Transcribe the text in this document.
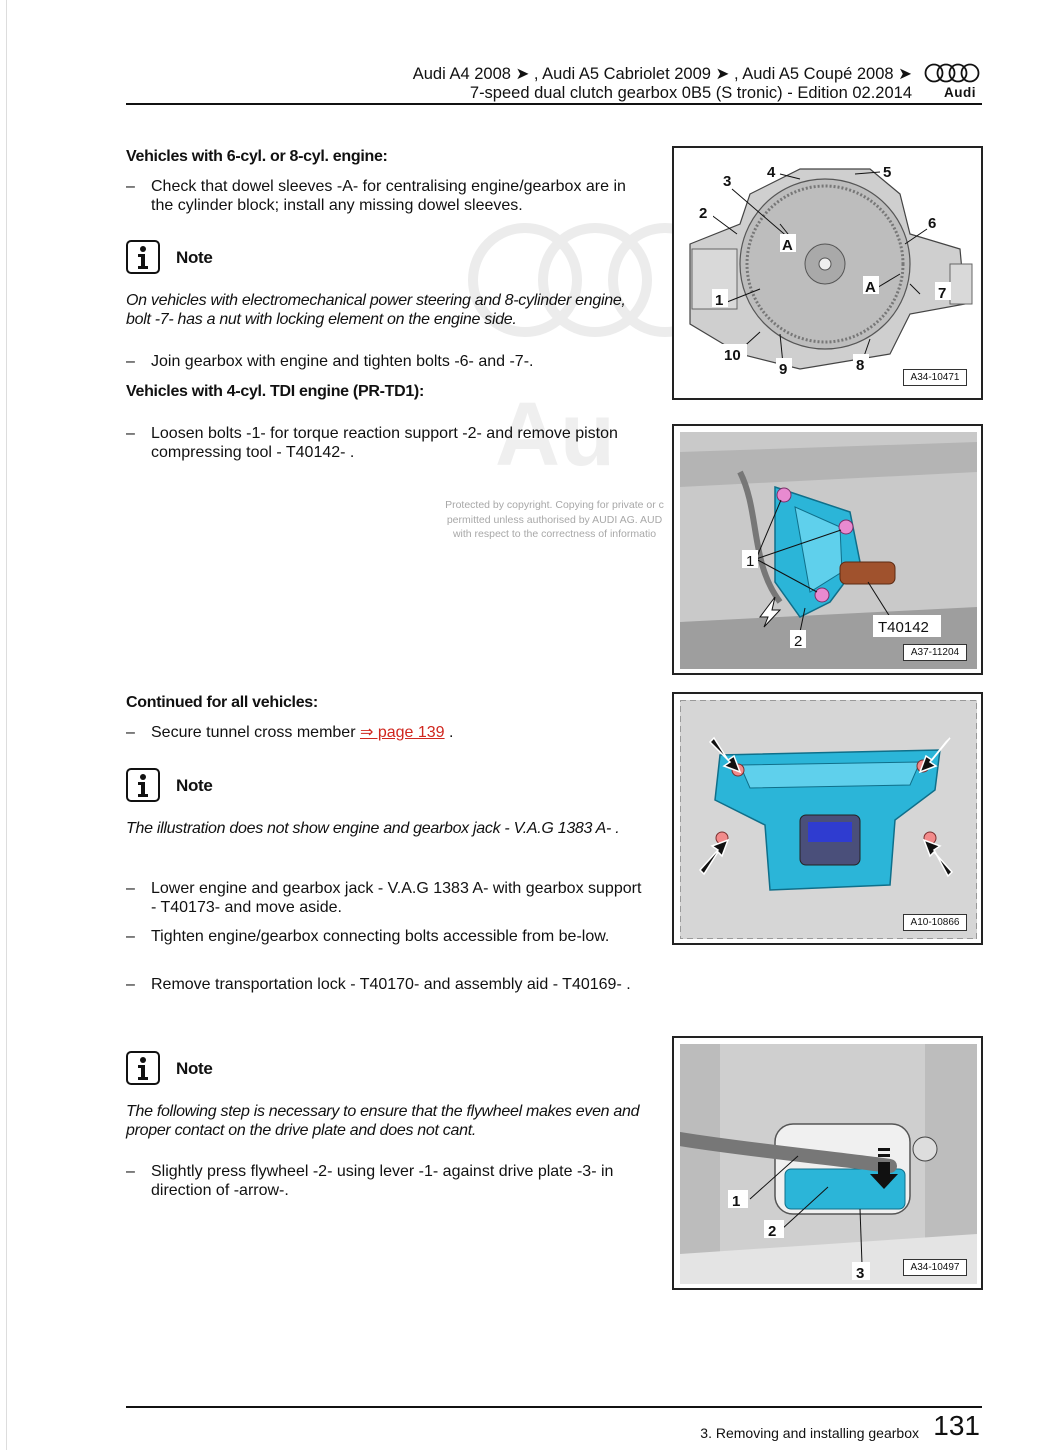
Audi A4 2008 ➤ , Audi A5 Cabriolet 2009 ➤ , Audi A5 Coupé 2008 ➤
7-speed dual clutch gearbox 0B5 (S tronic) - Edition 02.2014 Audi
Au
Protected by copyright. Copying for private or c
permitted unless authorised by AUDI AG. AUD
with respect to the correctness of informatio
Vehicles with 6-cyl. or 8-cyl. engine:
– Check that dowel sleeves -A- for centralising engine/gearbox are in the cylinder block; install any missing dowel sleeves.
Note
On vehicles with electromechanical power steering and 8-cylinder engine, bolt -7- has a nut with locking element on the engine side.
– Join gearbox with engine and tighten bolts -6- and -7-.
Vehicles with 4-cyl. TDI engine (PR-TD1):
– Loosen bolts -1- for torque reaction support -2- and remove piston compressing tool - T40142- .
Continued for all vehicles:
– Secure tunnel cross member ⇒ page 139 .
Note
The illustration does not show engine and gearbox jack - V.A.G 1383 A- .
– Lower engine and gearbox jack - V.A.G 1383 A- with gearbox support - T40173- and move aside.
– Tighten engine/gearbox connecting bolts accessible from be-low.
– Remove transportation lock - T40170- and assembly aid - T40169- .
Note
The following step is necessary to ensure that the flywheel makes even and proper contact on the drive plate and does not cant.
– Slightly press flywheel -2- using lever -1- against drive plate -3- in direction of -arrow-.
1
2
3
4	5
6
7
8
9
10
A
A
A34-10471
1
2
T40142
A37-11204
A10-10866
1
2
3	A34-10497
3. Removing and installing gearbox 131
